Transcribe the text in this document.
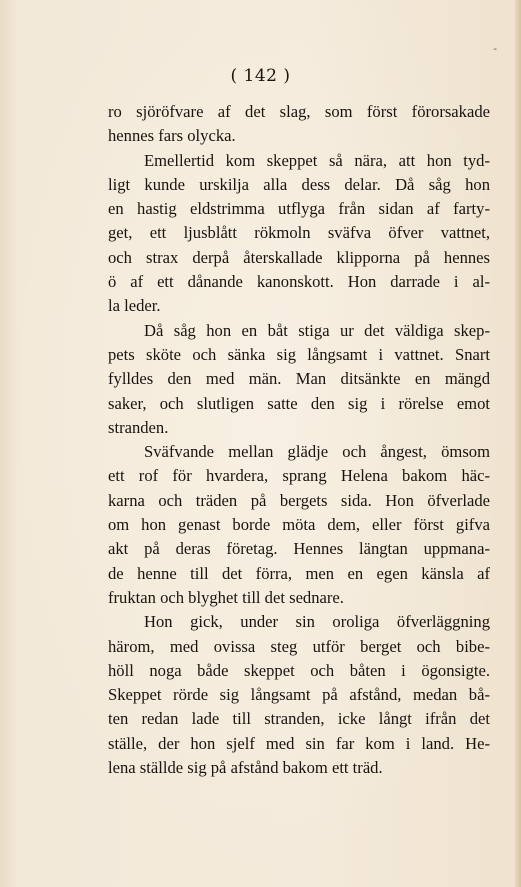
-
( 142 )
ro sjöröfvare af det slag, som först förorsakade
hennes fars olycka.
Emellertid kom skeppet så nära, att hon tyd-
ligt kunde urskilja alla dess delar. Då såg hon
en hastig eldstrimma utflyga från sidan af farty-
get, ett ljusblått rökmoln sväfva öfver vattnet,
och strax derpå återskallade klipporna på hennes
ö af ett dånande kanonskott. Hon darrade i al-
la leder.
Då såg hon en båt stiga ur det väldiga skep-
pets sköte och sänka sig långsamt i vattnet. Snart
fylldes den med män. Man ditsänkte en mängd
saker, och slutligen satte den sig i rörelse emot
stranden.
Sväfvande mellan glädje och ångest, ömsom
ett rof för hvardera, sprang Helena bakom häc-
karna och träden på bergets sida. Hon öfverlade
om hon genast borde möta dem, eller först gifva
akt på deras företag. Hennes längtan uppmana-
de henne till det förra, men en egen känsla af
fruktan och blyghet till det sednare.
Hon gick, under sin oroliga öfverläggning
härom, med ovissa steg utför berget och bibe-
höll noga både skeppet och båten i ögonsigte.
Skeppet rörde sig långsamt på afstånd, medan bå-
ten redan lade till stranden, icke långt ifrån det
ställe, der hon sjelf med sin far kom i land. He-
lena ställde sig på afstånd bakom ett träd.
